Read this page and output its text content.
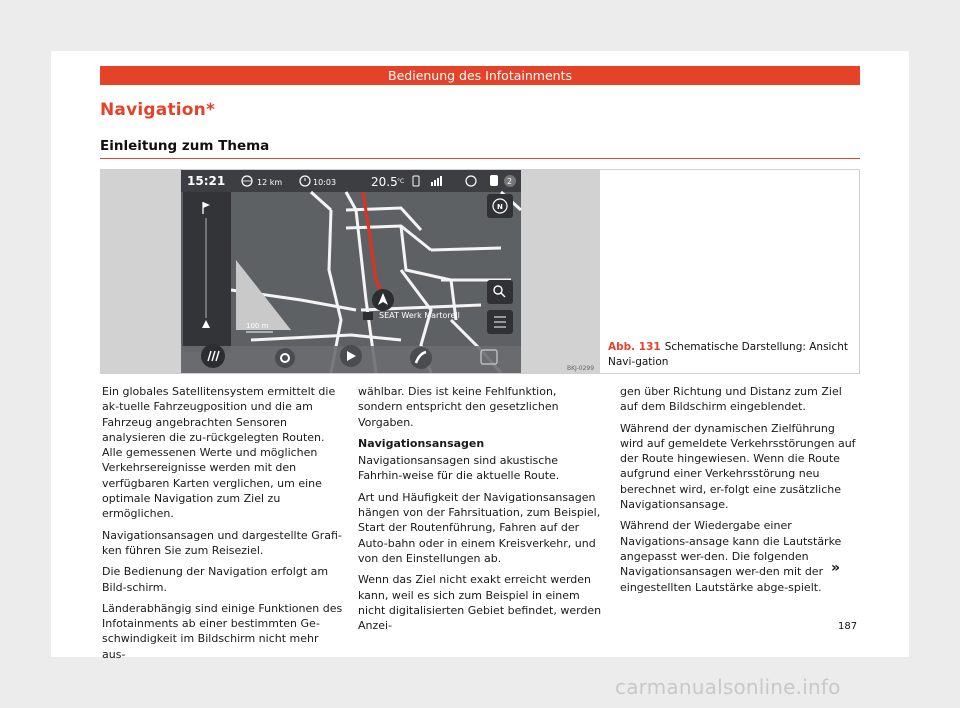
Bedienung des Infotainments
Navigation*
Einleitung zum Thema
15:21	12 km	10:03	20.5 °C	2
100 m
SEAT Werk Martorell
N
BKJ-0299
Abb. 131 Schematische Darstellung: Ansicht Navi-gation

Ein globales Satellitensystem ermittelt die ak-tuelle Fahrzeugposition und die am Fahrzeug angebrachten Sensoren analysieren die zu-rückgelegten Routen. Alle gemessenen Werte und möglichen Verkehrsereignisse werden mit den verfügbaren Karten verglichen, um eine optimale Navigation zum Ziel zu ermöglichen.

Navigationsansagen und dargestellte Grafi-ken führen Sie zum Reiseziel.

Die Bedienung der Navigation erfolgt am Bild-schirm.

Länderabhängig sind einige Funktionen des Infotainments ab einer bestimmten Ge-schwindigkeit im Bildschirm nicht mehr aus-

wählbar. Dies ist keine Fehlfunktion, sondern entspricht den gesetzlichen Vorgaben.

Navigationsansagen

Navigationsansagen sind akustische Fahrhin-weise für die aktuelle Route.

Art und Häufigkeit der Navigationsansagen hängen von der Fahrsituation, zum Beispiel, Start der Routenführung, Fahren auf der Auto-bahn oder in einem Kreisverkehr, und von den Einstellungen ab.

Wenn das Ziel nicht exakt erreicht werden kann, weil es sich zum Beispiel in einem nicht digitalisierten Gebiet befindet, werden Anzei-

gen über Richtung und Distanz zum Ziel auf dem Bildschirm eingeblendet.

Während der dynamischen Zielführung wird auf gemeldete Verkehrsstörungen auf der Route hingewiesen. Wenn die Route aufgrund einer Verkehrsstörung neu berechnet wird, er-folgt eine zusätzliche Navigationsansage.

Während der Wiedergabe einer Navigations-ansage kann die Lautstärke angepasst wer-den. Die folgenden Navigationsansagen wer-den mit der eingestellten Lautstärke abge-spielt.

»
187
carmanualsonline.info
